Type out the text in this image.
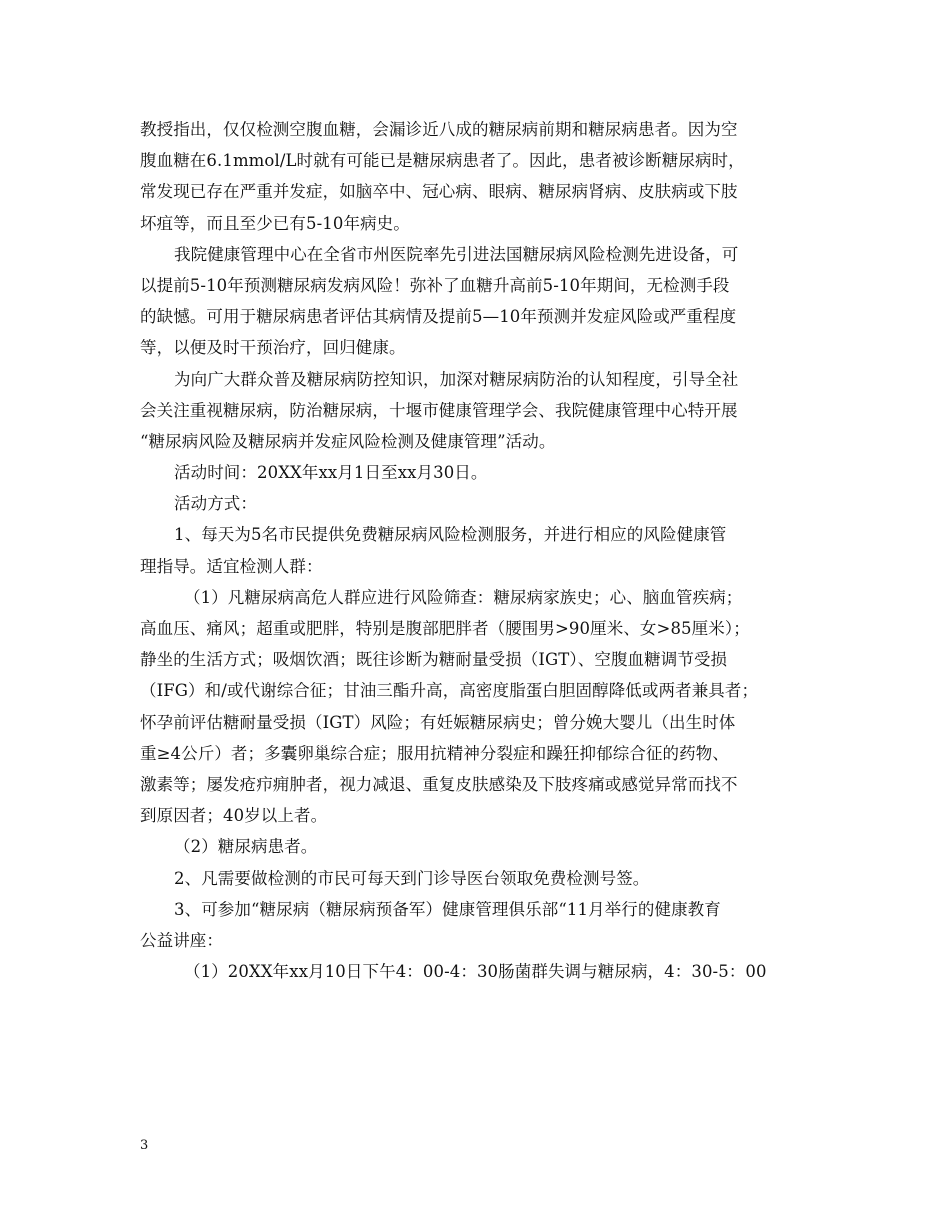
教授指出，仅仅检测空腹血糖，会漏诊近八成的糖尿病前期和糖尿病患者。因为空
腹血糖在6.1mmol/L时就有可能已是糖尿病患者了。因此，患者被诊断糖尿病时，
常发现已存在严重并发症，如脑卒中、冠心病、眼病、糖尿病肾病、皮肤病或下肢
坏疽等，而且至少已有5-10年病史。
我院健康管理中心在全省市州医院率先引进法国糖尿病风险检测先进设备，可
以提前5-10年预测糖尿病发病风险！弥补了血糖升高前5-10年期间，无检测手段
的缺憾。可用于糖尿病患者评估其病情及提前5—10年预测并发症风险或严重程度
等，以便及时干预治疗，回归健康。
为向广大群众普及糖尿病防控知识，加深对糖尿病防治的认知程度，引导全社
会关注重视糖尿病，防治糖尿病，十堰市健康管理学会、我院健康管理中心特开展
“糖尿病风险及糖尿病并发症风险检测及健康管理”活动。
活动时间：20XX年xx月1日至xx月30日。
活动方式：
1、每天为5名市民提供免费糖尿病风险检测服务，并进行相应的风险健康管
理指导。适宜检测人群：
（1）凡糖尿病高危人群应进行风险筛查：糖尿病家族史；心、脑血管疾病；
高血压、痛风；超重或肥胖，特别是腹部肥胖者（腰围男>90厘米、女>85厘米）；
静坐的生活方式；吸烟饮酒；既往诊断为糖耐量受损（IGT）、空腹血糖调节受损
（IFG）和/或代谢综合征；甘油三酯升高，高密度脂蛋白胆固醇降低或两者兼具者；
怀孕前评估糖耐量受损（IGT）风险；有妊娠糖尿病史；曾分娩大婴儿（出生时体
重≥4公斤）者；多囊卵巢综合症；服用抗精神分裂症和躁狂抑郁综合征的药物、
激素等；屡发疮疖痈肿者，视力减退、重复皮肤感染及下肢疼痛或感觉异常而找不
到原因者；40岁以上者。
（2）糖尿病患者。
2、凡需要做检测的市民可每天到门诊导医台领取免费检测号签。
3、可参加“糖尿病（糖尿病预备军）健康管理俱乐部“11月举行的健康教育
公益讲座：
（1）20XX年xx月10日下午4：00-4：30肠菌群失调与糖尿病，4：30-5：00
3
